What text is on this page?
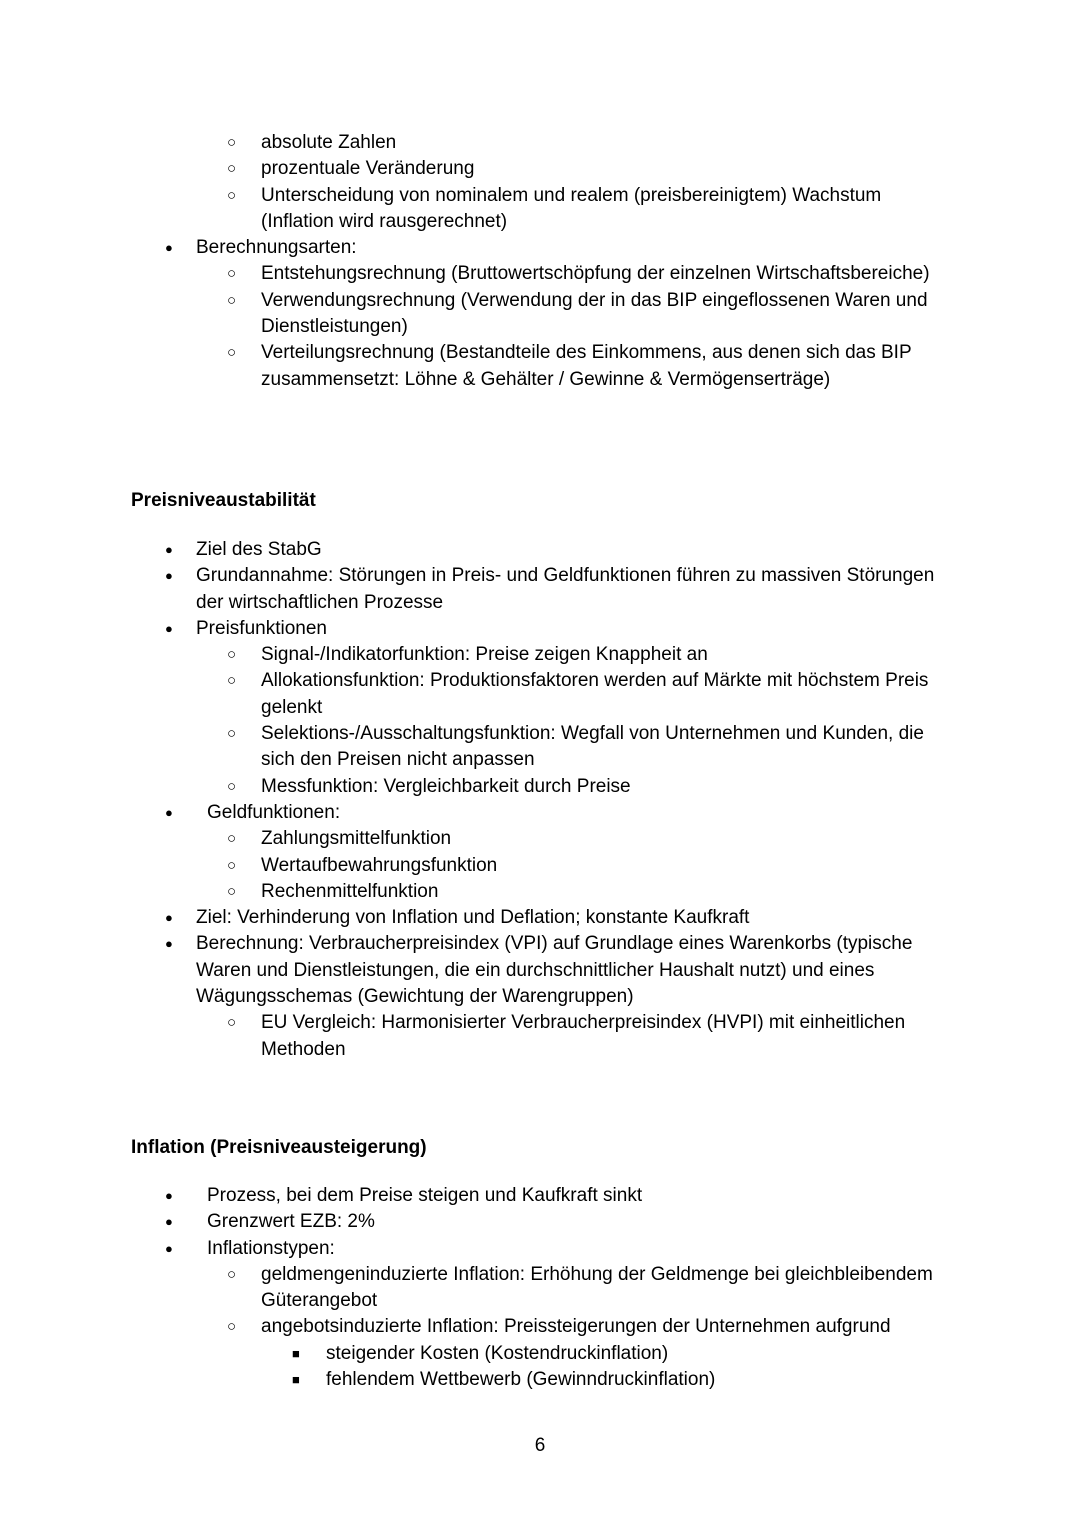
○ absolute Zahlen
○ prozentuale Veränderung
○ Unterscheidung von nominalem und realem (preisbereinigtem) Wachstum (Inflation wird rausgerechnet)
● Berechnungsarten:
○ Entstehungsrechnung (Bruttowertschöpfung der einzelnen Wirtschaftsbereiche)
○ Verwendungsrechnung (Verwendung der in das BIP eingeflossenen Waren und Dienstleistungen)
○ Verteilungsrechnung (Bestandteile des Einkommens, aus denen sich das BIP zusammensetzt: Löhne & Gehälter / Gewinne & Vermögenserträge)
Preisniveaustabilität
● Ziel des StabG
● Grundannahme: Störungen in Preis- und Geldfunktionen führen zu massiven Störungen der wirtschaftlichen Prozesse
● Preisfunktionen
○ Signal-/Indikatorfunktion: Preise zeigen Knappheit an
○ Allokationsfunktion: Produktionsfaktoren werden auf Märkte mit höchstem Preis gelenkt
○ Selektions-/Ausschaltungsfunktion: Wegfall von Unternehmen und Kunden, die sich den Preisen nicht anpassen
○ Messfunktion: Vergleichbarkeit durch Preise
● Geldfunktionen:
○ Zahlungsmittelfunktion
○ Wertaufbewahrungsfunktion
○ Rechenmittelfunktion
● Ziel: Verhinderung von Inflation und Deflation; konstante Kaufkraft
● Berechnung: Verbraucherpreisindex (VPI) auf Grundlage eines Warenkorbs (typische Waren und Dienstleistungen, die ein durchschnittlicher Haushalt nutzt) und eines Wägungsschemas (Gewichtung der Warengruppen)
○ EU Vergleich: Harmonisierter Verbraucherpreisindex (HVPI) mit einheitlichen Methoden
Inflation (Preisniveausteigerung)
● Prozess, bei dem Preise steigen und Kaufkraft sinkt
● Grenzwert EZB: 2%
● Inflationstypen:
○ geldmengeninduzierte Inflation: Erhöhung der Geldmenge bei gleichbleibendem Güterangebot
○ angebotsinduzierte Inflation: Preissteigerungen der Unternehmen aufgrund
■ steigender Kosten (Kostendruckinflation)
■ fehlendem Wettbewerb (Gewinndruckinflation)
6
